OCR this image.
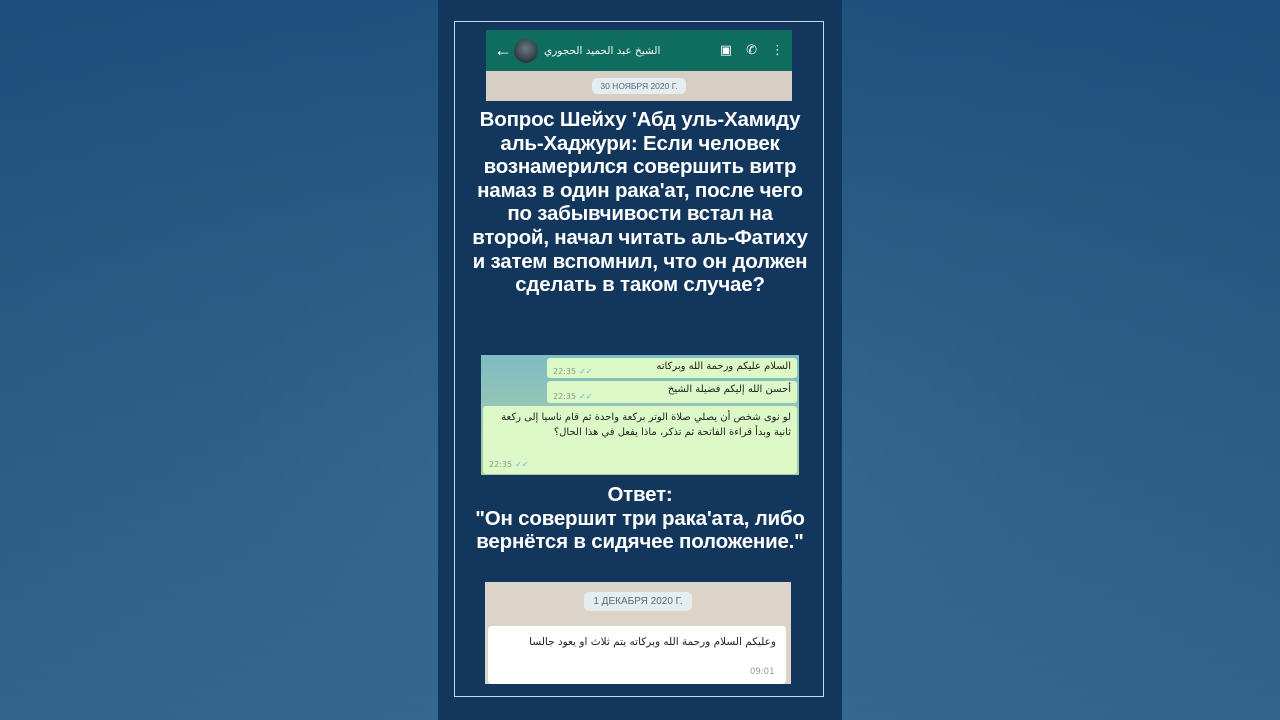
←	الشيخ عبد الحميد الحجوري	▣ ✆ ⋮
30 НОЯБРЯ 2020 Г.
Вопрос Шейху 'Абд уль-Хамиду аль-Хаджури: Если человек вознамерился совершить витр намаз в один рака'ат, после чего по забывчивости встал на второй, начал читать аль-Фатиху и затем вспомнил, что он должен сделать в таком случае?
السلام عليكم ورحمة الله وبركاته
22:35 ✓✓
أحسن الله إليكم فضيلة الشيخ
22:35 ✓✓
لو نوى شخص أن يصلي صلاة الوتر بركعة واحدة ثم قام ناسيا إلى ركعة ثانية وبدأ قراءة الفاتحة ثم تذكر، ماذا يفعل في هذا الحال؟
22:35 ✓✓
Ответ:
"Он совершит три рака'ата, либо вернётся в сидячее положение."
1 ДЕКАБРЯ 2020 Г.
وعليكم السلام ورحمة الله وبركاته يتم ثلاث او يعود جالسا
09:01
